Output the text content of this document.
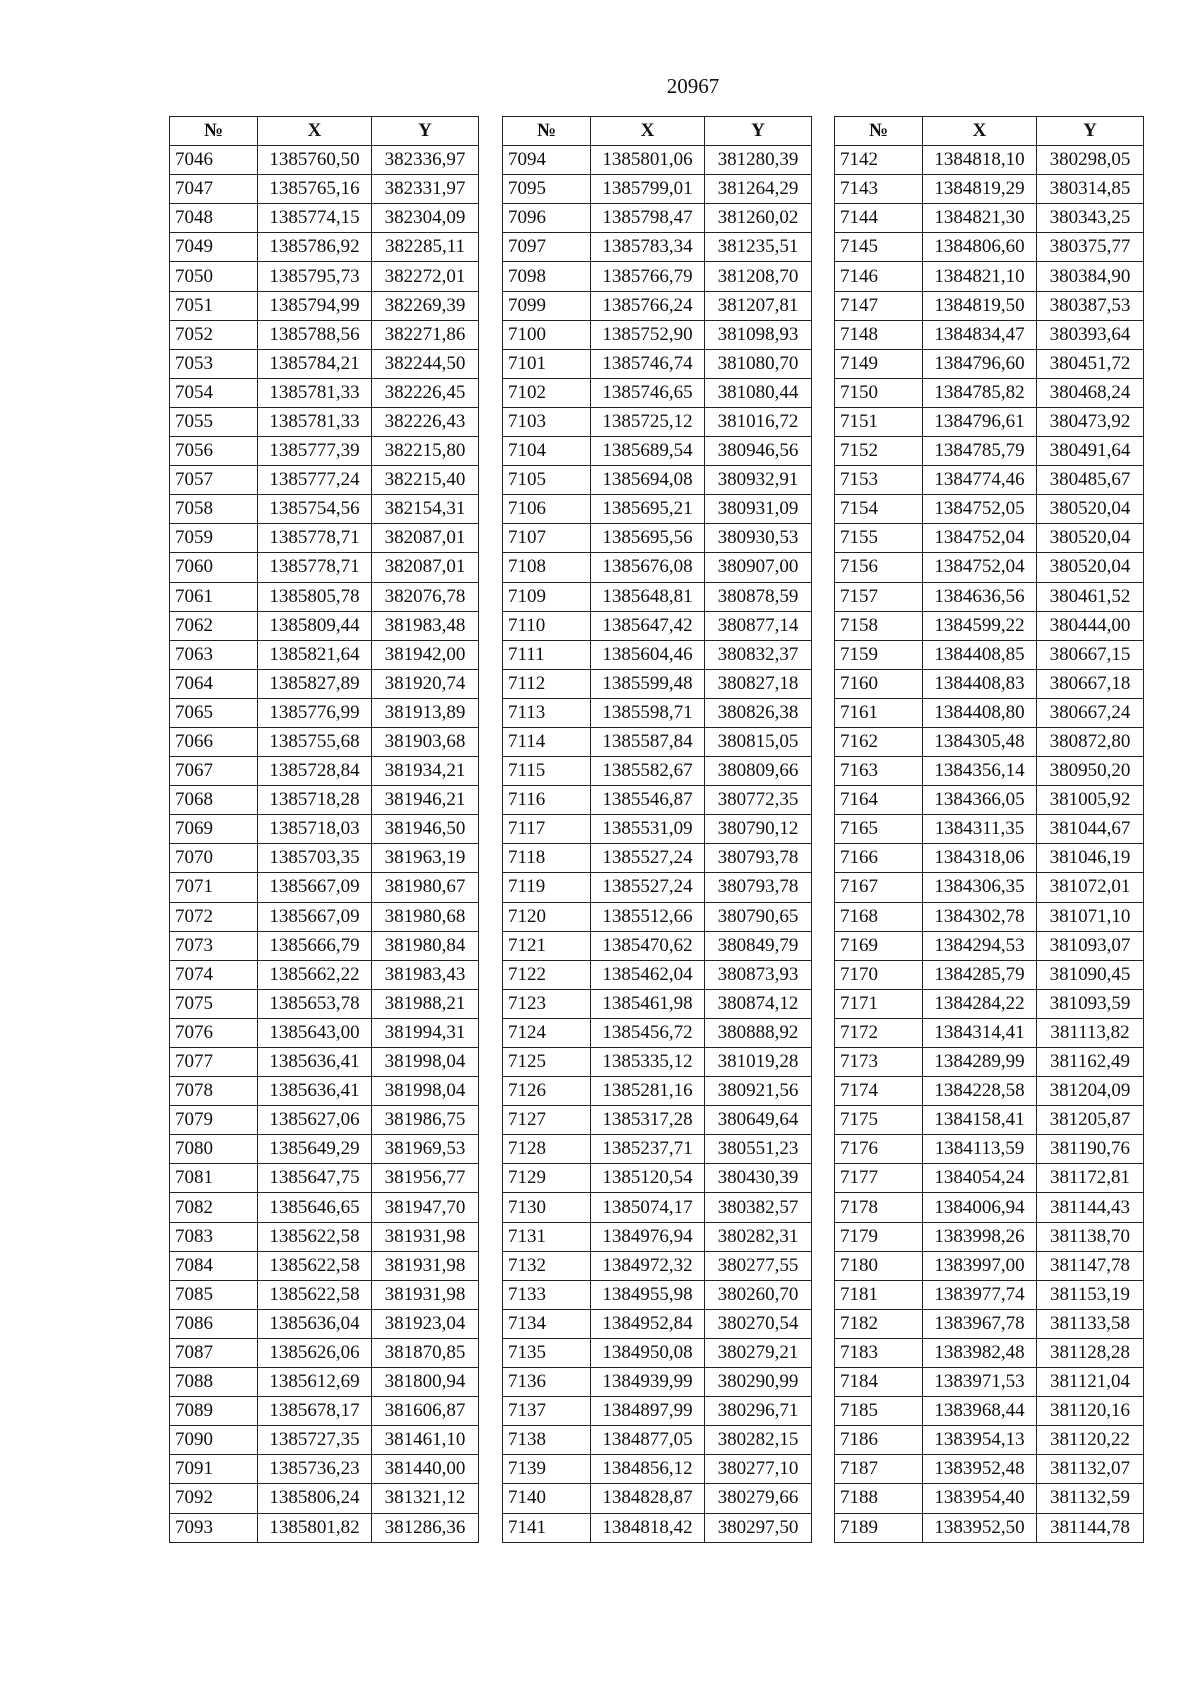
20967
№	X	Y
7046	1385760,50	382336,97
7047	1385765,16	382331,97
7048	1385774,15	382304,09
7049	1385786,92	382285,11
7050	1385795,73	382272,01
7051	1385794,99	382269,39
7052	1385788,56	382271,86
7053	1385784,21	382244,50
7054	1385781,33	382226,45
7055	1385781,33	382226,43
7056	1385777,39	382215,80
7057	1385777,24	382215,40
7058	1385754,56	382154,31
7059	1385778,71	382087,01
7060	1385778,71	382087,01
7061	1385805,78	382076,78
7062	1385809,44	381983,48
7063	1385821,64	381942,00
7064	1385827,89	381920,74
7065	1385776,99	381913,89
7066	1385755,68	381903,68
7067	1385728,84	381934,21
7068	1385718,28	381946,21
7069	1385718,03	381946,50
7070	1385703,35	381963,19
7071	1385667,09	381980,67
7072	1385667,09	381980,68
7073	1385666,79	381980,84
7074	1385662,22	381983,43
7075	1385653,78	381988,21
7076	1385643,00	381994,31
7077	1385636,41	381998,04
7078	1385636,41	381998,04
7079	1385627,06	381986,75
7080	1385649,29	381969,53
7081	1385647,75	381956,77
7082	1385646,65	381947,70
7083	1385622,58	381931,98
7084	1385622,58	381931,98
7085	1385622,58	381931,98
7086	1385636,04	381923,04
7087	1385626,06	381870,85
7088	1385612,69	381800,94
7089	1385678,17	381606,87
7090	1385727,35	381461,10
7091	1385736,23	381440,00
7092	1385806,24	381321,12
7093	1385801,82	381286,36
№	X	Y
7094	1385801,06	381280,39
7095	1385799,01	381264,29
7096	1385798,47	381260,02
7097	1385783,34	381235,51
7098	1385766,79	381208,70
7099	1385766,24	381207,81
7100	1385752,90	381098,93
7101	1385746,74	381080,70
7102	1385746,65	381080,44
7103	1385725,12	381016,72
7104	1385689,54	380946,56
7105	1385694,08	380932,91
7106	1385695,21	380931,09
7107	1385695,56	380930,53
7108	1385676,08	380907,00
7109	1385648,81	380878,59
7110	1385647,42	380877,14
7111	1385604,46	380832,37
7112	1385599,48	380827,18
7113	1385598,71	380826,38
7114	1385587,84	380815,05
7115	1385582,67	380809,66
7116	1385546,87	380772,35
7117	1385531,09	380790,12
7118	1385527,24	380793,78
7119	1385527,24	380793,78
7120	1385512,66	380790,65
7121	1385470,62	380849,79
7122	1385462,04	380873,93
7123	1385461,98	380874,12
7124	1385456,72	380888,92
7125	1385335,12	381019,28
7126	1385281,16	380921,56
7127	1385317,28	380649,64
7128	1385237,71	380551,23
7129	1385120,54	380430,39
7130	1385074,17	380382,57
7131	1384976,94	380282,31
7132	1384972,32	380277,55
7133	1384955,98	380260,70
7134	1384952,84	380270,54
7135	1384950,08	380279,21
7136	1384939,99	380290,99
7137	1384897,99	380296,71
7138	1384877,05	380282,15
7139	1384856,12	380277,10
7140	1384828,87	380279,66
7141	1384818,42	380297,50
№	X	Y
7142	1384818,10	380298,05
7143	1384819,29	380314,85
7144	1384821,30	380343,25
7145	1384806,60	380375,77
7146	1384821,10	380384,90
7147	1384819,50	380387,53
7148	1384834,47	380393,64
7149	1384796,60	380451,72
7150	1384785,82	380468,24
7151	1384796,61	380473,92
7152	1384785,79	380491,64
7153	1384774,46	380485,67
7154	1384752,05	380520,04
7155	1384752,04	380520,04
7156	1384752,04	380520,04
7157	1384636,56	380461,52
7158	1384599,22	380444,00
7159	1384408,85	380667,15
7160	1384408,83	380667,18
7161	1384408,80	380667,24
7162	1384305,48	380872,80
7163	1384356,14	380950,20
7164	1384366,05	381005,92
7165	1384311,35	381044,67
7166	1384318,06	381046,19
7167	1384306,35	381072,01
7168	1384302,78	381071,10
7169	1384294,53	381093,07
7170	1384285,79	381090,45
7171	1384284,22	381093,59
7172	1384314,41	381113,82
7173	1384289,99	381162,49
7174	1384228,58	381204,09
7175	1384158,41	381205,87
7176	1384113,59	381190,76
7177	1384054,24	381172,81
7178	1384006,94	381144,43
7179	1383998,26	381138,70
7180	1383997,00	381147,78
7181	1383977,74	381153,19
7182	1383967,78	381133,58
7183	1383982,48	381128,28
7184	1383971,53	381121,04
7185	1383968,44	381120,16
7186	1383954,13	381120,22
7187	1383952,48	381132,07
7188	1383954,40	381132,59
7189	1383952,50	381144,78
